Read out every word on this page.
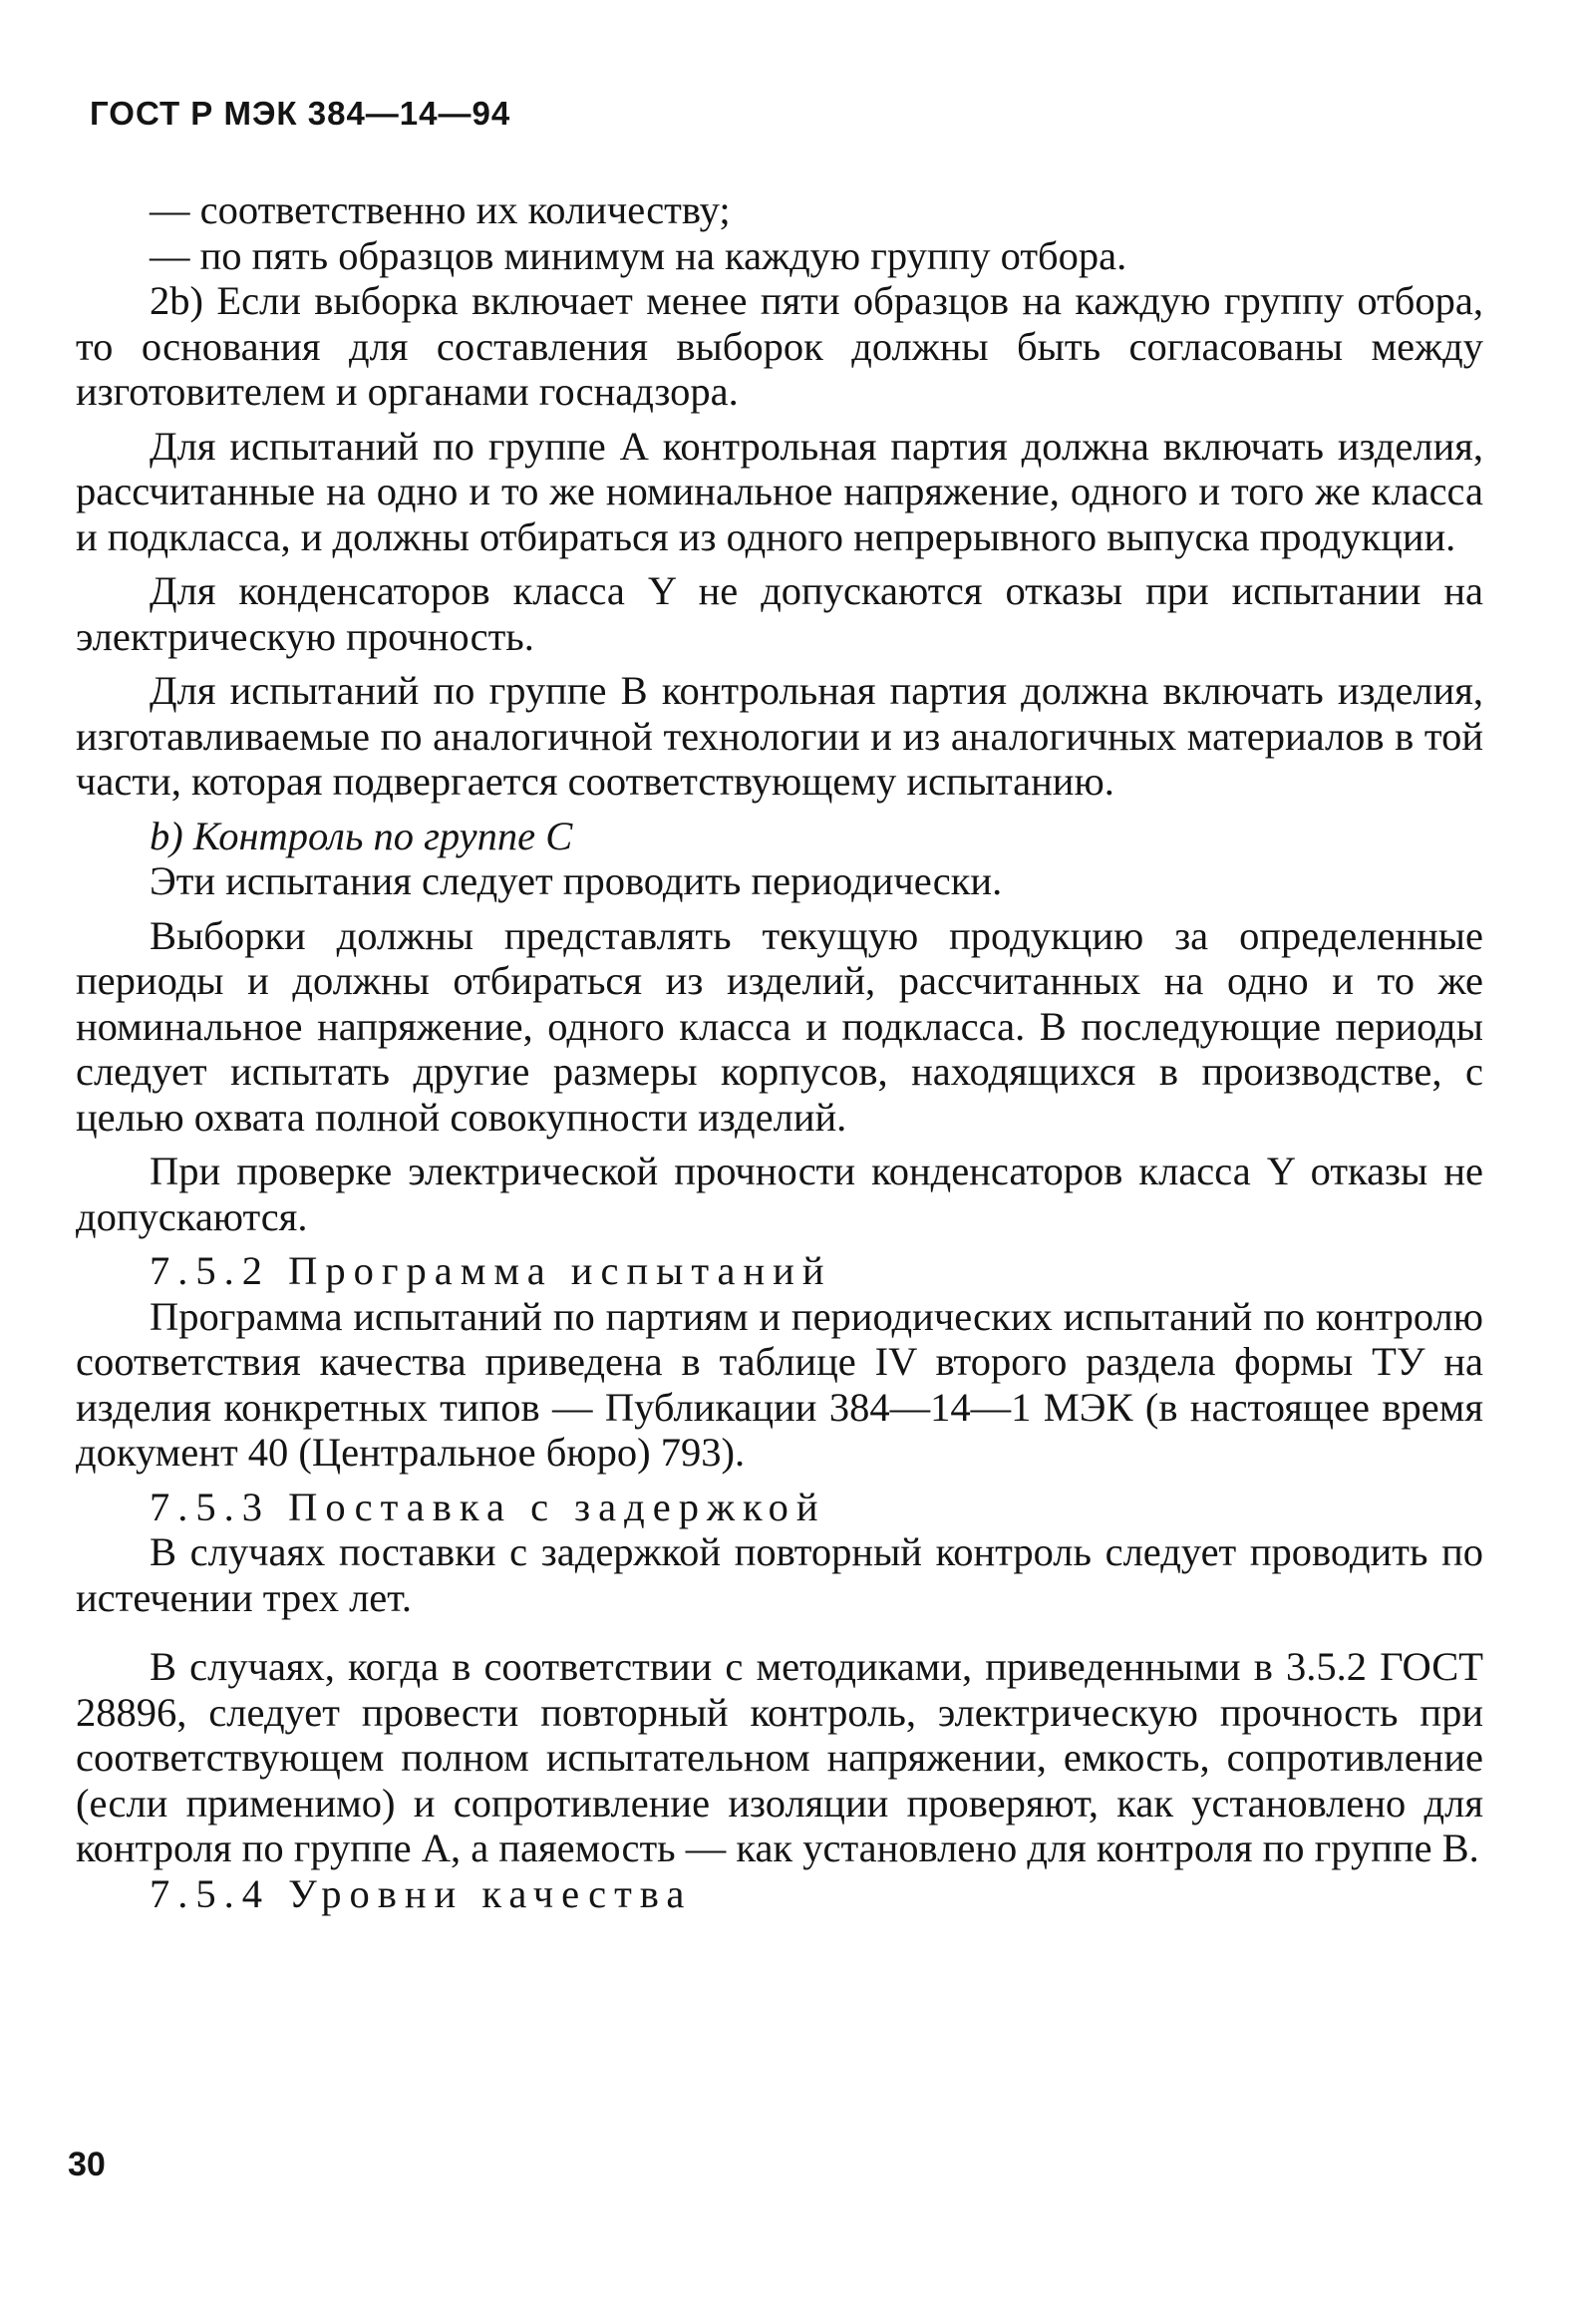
ГОСТ Р МЭК 384—14—94

— соответственно их количеству;

— по пять образцов минимум на каждую группу отбора.

2b) Если выборка включает менее пяти образцов на каждую группу отбора, то основания для составления выборок должны быть согласованы между изготовителем и органами госнадзора.

Для испытаний по группе А контрольная партия должна включать изделия, рассчитанные на одно и то же номинальное напряжение, одного и того же класса и подкласса, и должны отбираться из одного непрерывного выпуска продукции.

Для конденсаторов класса Y не допускаются отказы при испытании на электрическую прочность.

Для испытаний по группе В контрольная партия должна включать изделия, изготавливаемые по аналогичной технологии и из аналогичных материалов в той части, которая подвергается соответствующему испытанию.

b) Контроль по группе С

Эти испытания следует проводить периодически.

Выборки должны представлять текущую продукцию за определенные периоды и должны отбираться из изделий, рассчитанных на одно и то же номинальное напряжение, одного класса и подкласса. В последующие периоды следует испытать другие размеры корпусов, находящихся в производстве, с целью охвата полной совокупности изделий.

При проверке электрической прочности конденсаторов класса Y отказы не допускаются.

7.5.2 Программа испытаний

Программа испытаний по партиям и периодических испытаний по контролю соответствия качества приведена в таблице IV второго раздела формы ТУ на изделия конкретных типов — Публикации 384—14—1 МЭК (в настоящее время документ 40 (Центральное бюро) 793).

7.5.3 Поставка с задержкой

В случаях поставки с задержкой повторный контроль следует проводить по истечении трех лет.

В случаях, когда в соответствии с методиками, приведенными в 3.5.2 ГОСТ 28896, следует провести повторный контроль, электрическую прочность при соответствующем полном испытательном напряжении, емкость, сопротивление (если применимо) и сопротивление изоляции проверяют, как установлено для контроля по группе А, а паяемость — как установлено для контроля по группе В.

7.5.4 Уровни качества

30
